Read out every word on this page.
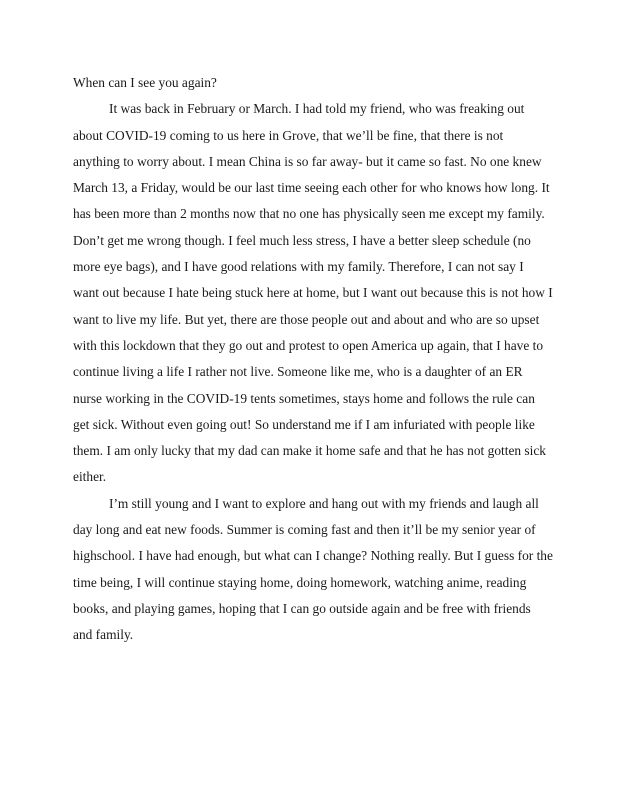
When can I see you again?

It was back in February or March. I had told my friend, who was freaking out about COVID-19 coming to us here in Grove, that we’ll be fine, that there is not anything to worry about. I mean China is so far away- but it came so fast. No one knew March 13, a Friday, would be our last time seeing each other for who knows how long. It has been more than 2 months now that no one has physically seen me except my family. Don’t get me wrong though. I feel much less stress, I have a better sleep schedule (no more eye bags), and I have good relations with my family. Therefore, I can not say I want out because I hate being stuck here at home, but I want out because this is not how I want to live my life. But yet, there are those people out and about and who are so upset with this lockdown that they go out and protest to open America up again, that I have to continue living a life I rather not live. Someone like me, who is a daughter of an ER nurse working in the COVID-19 tents sometimes, stays home and follows the rule can get sick. Without even going out! So understand me if I am infuriated with people like them. I am only lucky that my dad can make it home safe and that he has not gotten sick either.

I’m still young and I want to explore and hang out with my friends and laugh all day long and eat new foods. Summer is coming fast and then it’ll be my senior year of highschool. I have had enough, but what can I change? Nothing really. But I guess for the time being, I will continue staying home, doing homework, watching anime, reading books, and playing games, hoping that I can go outside again and be free with friends and family.
